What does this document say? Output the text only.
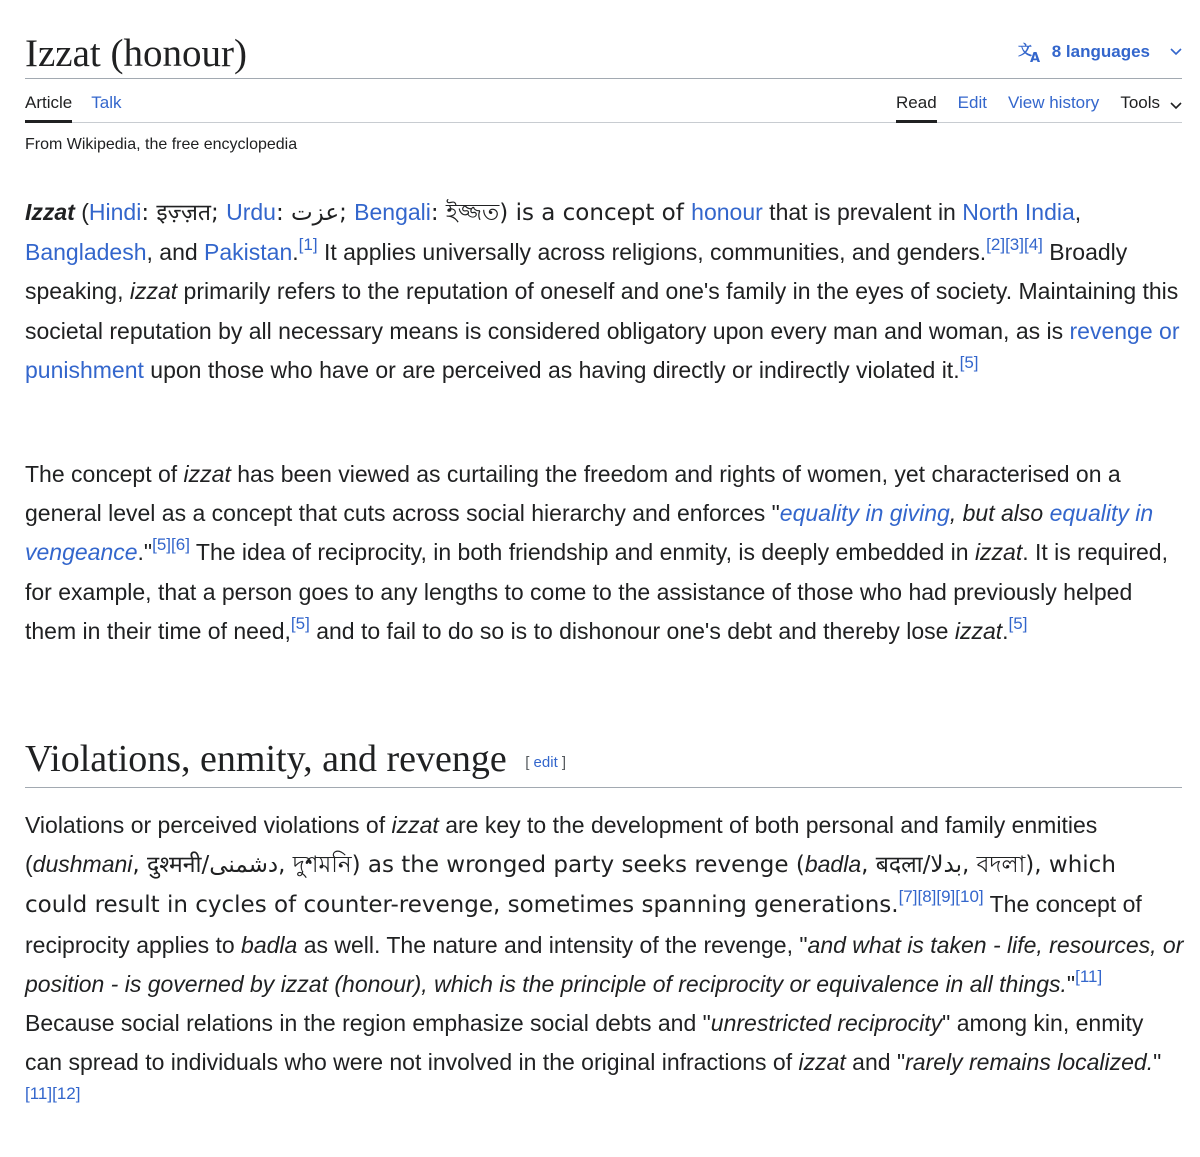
Izzat (honour)	文
A 8 languages
Article Talk	Read Edit View history Tools

From Wikipedia, the free encyclopedia

Izzat (Hindi: इज़्ज़त; Urdu: عزت; Bengali: ইজ্জত) is a concept of honour that is prevalent in North India, Bangladesh, and Pakistan.[1] It applies universally across religions, communities, and genders.[2][3][4] Broadly speaking, izzat primarily refers to the reputation of oneself and one's family in the eyes of society. Maintaining this societal reputation by all necessary means is considered obligatory upon every man and woman, as is revenge or punishment upon those who have or are perceived as having directly or indirectly violated it.[5]

The concept of izzat has been viewed as curtailing the freedom and rights of women, yet characterised on a general level as a concept that cuts across social hierarchy and enforces "equality in giving, but also equality in vengeance."[5][6] The idea of reciprocity, in both friendship and enmity, is deeply embedded in izzat. It is required, for example, that a person goes to any lengths to come to the assistance of those who had previously helped them in their time of need,[5] and to fail to do so is to dishonour one's debt and thereby lose izzat.[5]

Violations, enmity, and revenge [ edit ]

Violations or perceived violations of izzat are key to the development of both personal and family enmities (dushmani, दुश्मनी/دشمنی, দুশমনি) as the wronged party seeks revenge (badla, बदला/بدلا, বদলা), which could result in cycles of counter-revenge, sometimes spanning generations.[7][8][9][10] The concept of reciprocity applies to badla as well. The nature and intensity of the revenge, "and what is taken - life, resources, or position - is governed by izzat (honour), which is the principle of reciprocity or equivalence in all things."[11] Because social relations in the region emphasize social debts and "unrestricted reciprocity" among kin, enmity can spread to individuals who were not involved in the original infractions of izzat and "rarely remains localized."[11][12]
